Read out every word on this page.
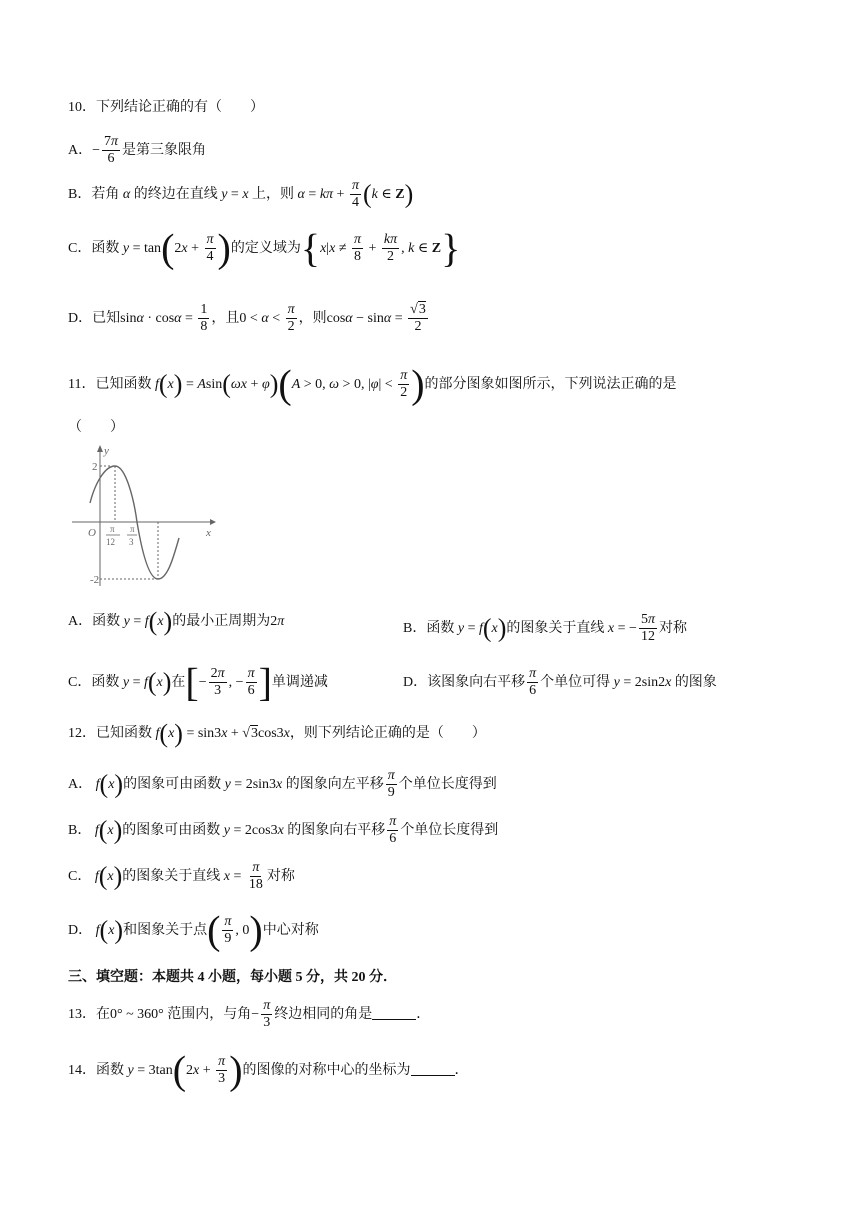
10．下列结论正确的有（　　）
A．− $\frac{7\pi}{6}$ 是第三象限角
B．若角 α 的终边在直线 y = x 上，则 $\alpha = k\pi + \frac{\pi}{4} (k$ ∈ Z)
C．函数 $y = \tan(2x + \frac{\pi}{4}$ )的定义域为{$x|x \ne \frac{\pi}{8} + \frac{k\pi}{2}$ , k ∈ Z}
D．已知$\sin\alpha \cdot \cos\alpha = \frac{1}{8}$ ，且$0 < \alpha < \frac{\pi}{2}$ ，则$\cos\alpha - \sin\alpha = \frac{√3}{2}$
11．已知函数 f(x) = Asin(ωx + φ)(A > 0, ω > 0, $|\varphi| < \frac{\pi}{2}$ )的部分图象如图所示，下列说法正确的是
（　　）
y
x
O
2
-2
π
12
π
3
A．函数 y = f(x)的最小正周期为2π	B．函数 y = f(x)的图象关于直线 x = − $\frac{5\pi}{12}$ 对称
C．函数 y = f(x)在[− $\frac{2\pi}{3}$ , − $\frac{\pi}{6}$ ]单调递减	D．该图象向右平移 $\frac{\pi}{6}$ 个单位可得 y = 2sin2x 的图象
12．已知函数 f(x) = sin3x + √3cos3x，则下列结论正确的是（　　）
A． f(x)的图象可由函数 y = 2sin3x 的图象向左平移 $\frac{\pi}{9}$ 个单位长度得到
B． f(x)的图象可由函数 y = 2cos3x 的图象向右平移 $\frac{\pi}{6}$ 个单位长度得到
C． f(x)的图象关于直线 $x = \frac{\pi}{18}$ 对称
D． f(x)和图象关于点( $\frac{\pi}{9}$ , 0)中心对称
三、填空题：本题共 4 小题，每小题 5 分，共 20 分．
13．在0° ~ 360° 范围内，与角− $\frac{\pi}{3}$ 终边相同的角是	．
14．函数 $y = 3\tan(2x + \frac{\pi}{3}$ )的图像的对称中心的坐标为	．
